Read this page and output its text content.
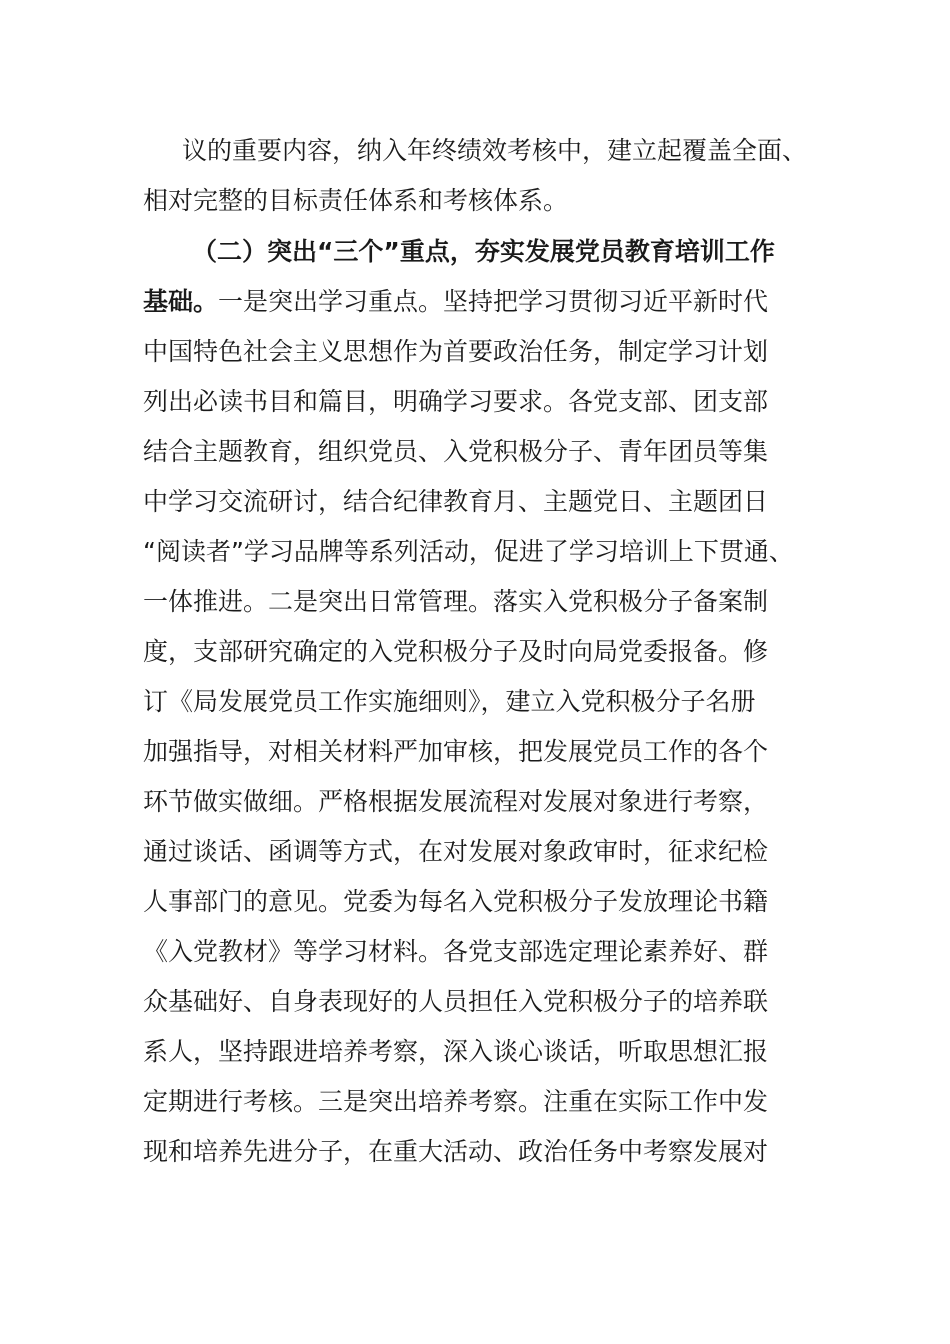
议的重要内容，纳入年终绩效考核中，建立起覆盖全面、
相对完整的目标责任体系和考核体系。
（二）突出“三个”重点，夯实发展党员教育培训工作
基础。一是突出学习重点。坚持把学习贯彻习近平新时代
中国特色社会主义思想作为首要政治任务，制定学习计划
列出必读书目和篇目，明确学习要求。各党支部、团支部
结合主题教育，组织党员、入党积极分子、青年团员等集
中学习交流研讨，结合纪律教育月、主题党日、主题团日
“阅读者”学习品牌等系列活动，促进了学习培训上下贯通、
一体推进。二是突出日常管理。落实入党积极分子备案制
度，支部研究确定的入党积极分子及时向局党委报备。修
订《局发展党员工作实施细则》，建立入党积极分子名册
加强指导，对相关材料严加审核，把发展党员工作的各个
环节做实做细。严格根据发展流程对发展对象进行考察，
通过谈话、函调等方式，在对发展对象政审时，征求纪检
人事部门的意见。党委为每名入党积极分子发放理论书籍
《入党教材》等学习材料。各党支部选定理论素养好、群
众基础好、自身表现好的人员担任入党积极分子的培养联
系人，坚持跟进培养考察，深入谈心谈话，听取思想汇报
定期进行考核。三是突出培养考察。注重在实际工作中发
现和培养先进分子，在重大活动、政治任务中考察发展对
